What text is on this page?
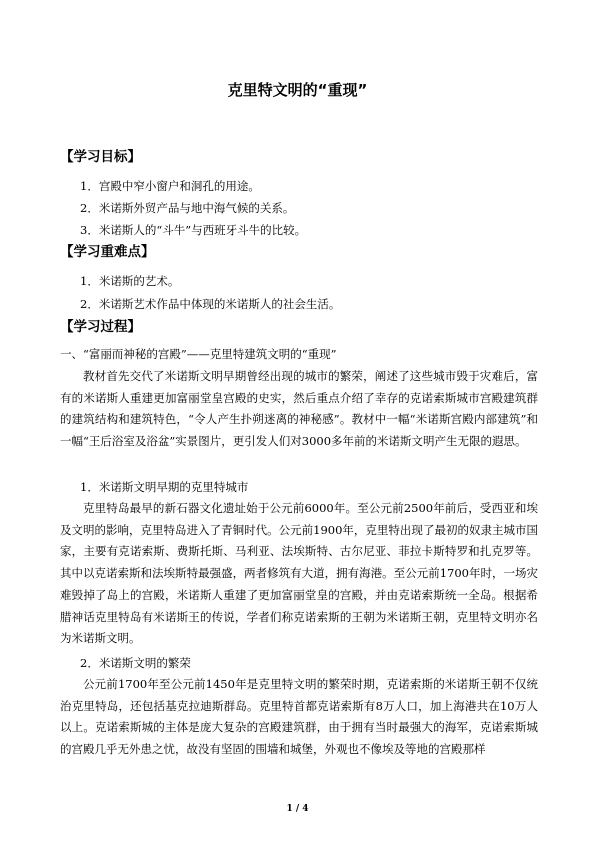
克里特文明的“重现”
【学习目标】

1．宫殿中窄小窗户和洞孔的用途。

2．米诺斯外贸产品与地中海气候的关系。

3．米诺斯人的“斗牛”与西班牙斗牛的比较。

【学习重难点】

1．米诺斯的艺术。

2．米诺斯艺术作品中体现的米诺斯人的社会生活。

【学习过程】

一、“富丽而神秘的宫殿”——克里特建筑文明的“重现”

教材首先交代了米诺斯文明早期曾经出现的城市的繁荣，阐述了这些城市毁于灾难后，富有的米诺斯人重建更加富丽堂皇宫殿的史实，然后重点介绍了幸存的克诺索斯城市宫殿建筑群的建筑结构和建筑特色，“令人产生扑朔迷离的神秘感”。教材中一幅“米诺斯宫殿内部建筑”和一幅“王后浴室及浴盆”实景图片，更引发人们对3000多年前的米诺斯文明产生无限的遐思。

1．米诺斯文明早期的克里特城市

克里特岛最早的新石器文化遗址始于公元前6000年。至公元前2500年前后，受西亚和埃及文明的影响，克里特岛进入了青铜时代。公元前1900年，克里特出现了最初的奴隶主城市国家，主要有克诺索斯、费斯托斯、马利亚、法埃斯特、古尔尼亚、菲拉卡斯特罗和扎克罗等。其中以克诺索斯和法埃斯特最强盛，两者修筑有大道，拥有海港。至公元前1700年时，一场灾难毁掉了岛上的宫殿，米诺斯人重建了更加富丽堂皇的宫殿，并由克诺索斯统一全岛。根据希腊神话克里特岛有米诺斯王的传说，学者们称克诺索斯的王朝为米诺斯王朝，克里特文明亦名为米诺斯文明。

2．米诺斯文明的繁荣

公元前1700年至公元前1450年是克里特文明的繁荣时期，克诺索斯的米诺斯王朝不仅统治克里特岛，还包括基克拉迪斯群岛。克里特首都克诺索斯有8万人口，加上海港共在10万人以上。克诺索斯城的主体是庞大复杂的宫殿建筑群，由于拥有当时最强大的海军，克诺索斯城的宫殿几乎无外患之忧，故没有坚固的围墙和城堡，外观也不像埃及等地的宫殿那样

1 / 4
